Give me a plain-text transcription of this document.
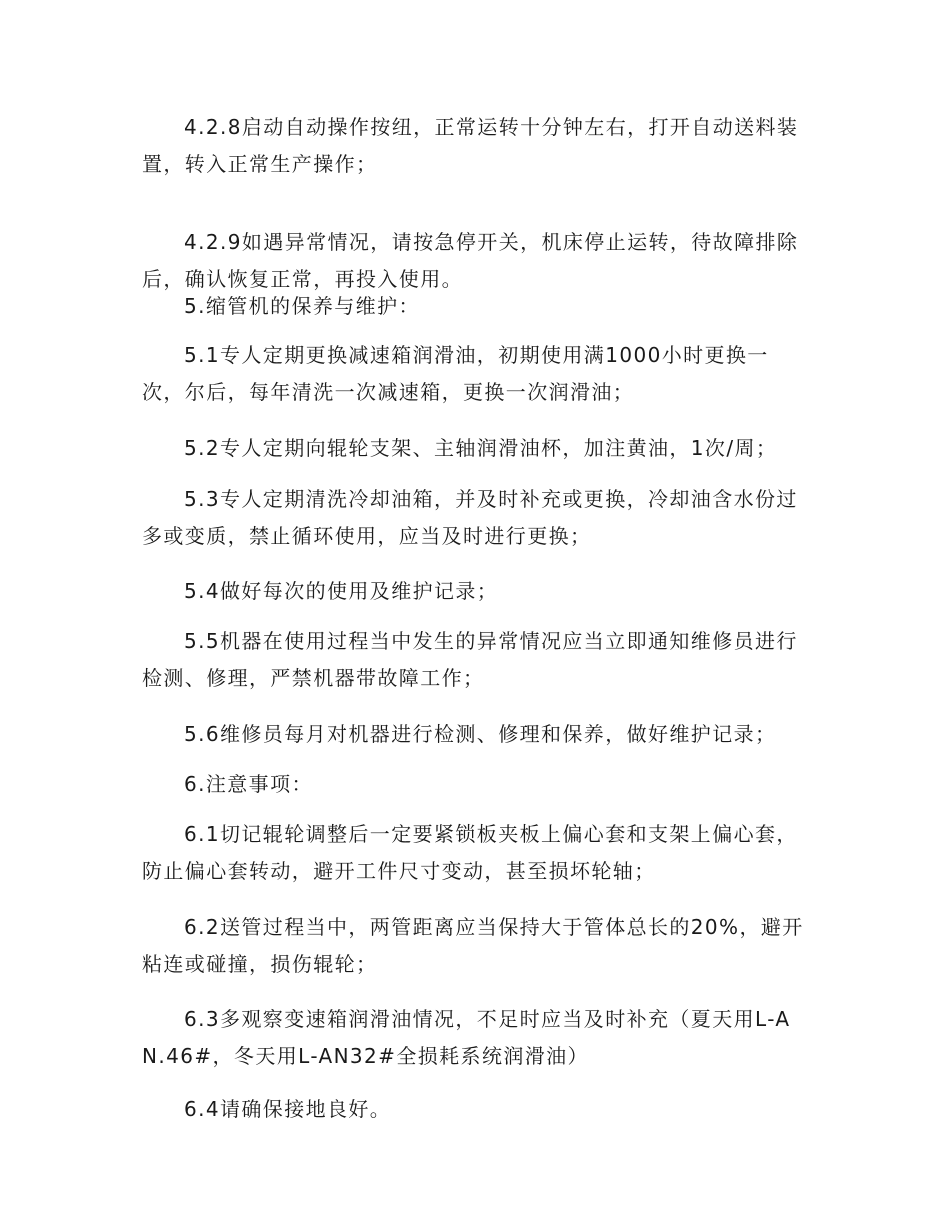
4.2.8启动自动操作按纽，正常运转十分钟左右，打开自动送料装置，转入正常生产操作；

4.2.9如遇异常情况，请按急停开关，机床停止运转，待故障排除后，确认恢复正常，再投入使用。

5.缩管机的保养与维护：

5.1专人定期更换减速箱润滑油，初期使用满1000小时更换一次，尔后，每年清洗一次减速箱，更换一次润滑油；

5.2专人定期向辊轮支架、主轴润滑油杯，加注黄油，1次/周；

5.3专人定期清洗冷却油箱，并及时补充或更换，冷却油含水份过多或变质，禁止循环使用，应当及时进行更换；

5.4做好每次的使用及维护记录；

5.5机器在使用过程当中发生的异常情况应当立即通知维修员进行检测、修理，严禁机器带故障工作；

5.6维修员每月对机器进行检测、修理和保养，做好维护记录；

6.注意事项：

6.1切记辊轮调整后一定要紧锁板夹板上偏心套和支架上偏心套，防止偏心套转动，避开工件尺寸变动，甚至损坏轮轴；

6.2送管过程当中，两管距离应当保持大于管体总长的20%，避开粘连或碰撞，损伤辊轮；

6.3多观察变速箱润滑油情况，不足时应当及时补充（夏天用L-AN.46#，冬天用L-AN32#全损耗系统润滑油）

6.4请确保接地良好。
